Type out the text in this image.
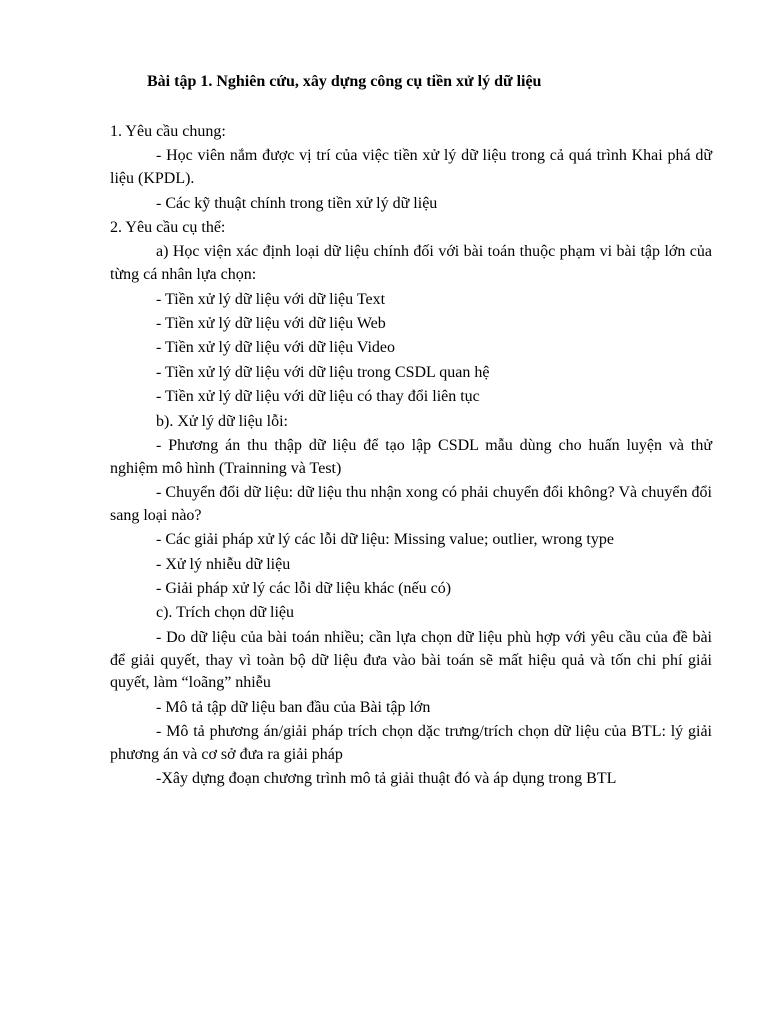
Bài tập 1. Nghiên cứu, xây dựng công cụ tiền xử lý dữ liệu

1. Yêu cầu chung:

- Học viên nắm được vị trí của việc tiền xử lý dữ liệu trong cả quá trình Khai phá dữ liệu (KPDL).

- Các kỹ thuật chính trong tiền xử lý dữ liệu

2. Yêu cầu cụ thể:

a) Học viện xác định loại dữ liệu chính đối với bài toán thuộc phạm vi bài tập lớn của từng cá nhân lựa chọn:

- Tiền xử lý dữ liệu với dữ liệu Text

- Tiền xử lý dữ liệu với dữ liệu Web

- Tiền xử lý dữ liệu với dữ liệu Video

- Tiền xử lý dữ liệu với dữ liệu trong CSDL quan hệ

- Tiền xử lý dữ liệu với dữ liệu có thay đổi liên tục

b). Xử lý dữ liệu lỗi:

- Phương án thu thập dữ liệu để tạo lập CSDL mẫu dùng cho huấn luyện và thử nghiệm mô hình (Trainning và Test)

- Chuyển đổi dữ liệu: dữ liệu thu nhận xong có phải chuyển đổi không? Và chuyển đổi sang loại nào?

- Các giải pháp xử lý các lỗi dữ liệu: Missing value; outlier, wrong type

- Xử lý nhiễu dữ liệu

- Giải pháp xử lý các lỗi dữ liệu khác (nếu có)

c). Trích chọn dữ liệu

- Do dữ liệu của bài toán nhiều; cần lựa chọn dữ liệu phù hợp với yêu cầu của đề bài để giải quyết, thay vì toàn bộ dữ liệu đưa vào bài toán sẽ mất hiệu quả và tốn chi phí giải quyết, làm “loãng” nhiễu

- Mô tả tập dữ liệu ban đầu của Bài tập lớn

- Mô tả phương án/giải pháp trích chọn dặc trưng/trích chọn dữ liệu của BTL: lý giải phương án và cơ sở đưa ra giải pháp

-Xây dựng đoạn chương trình mô tả giải thuật đó và áp dụng trong BTL
